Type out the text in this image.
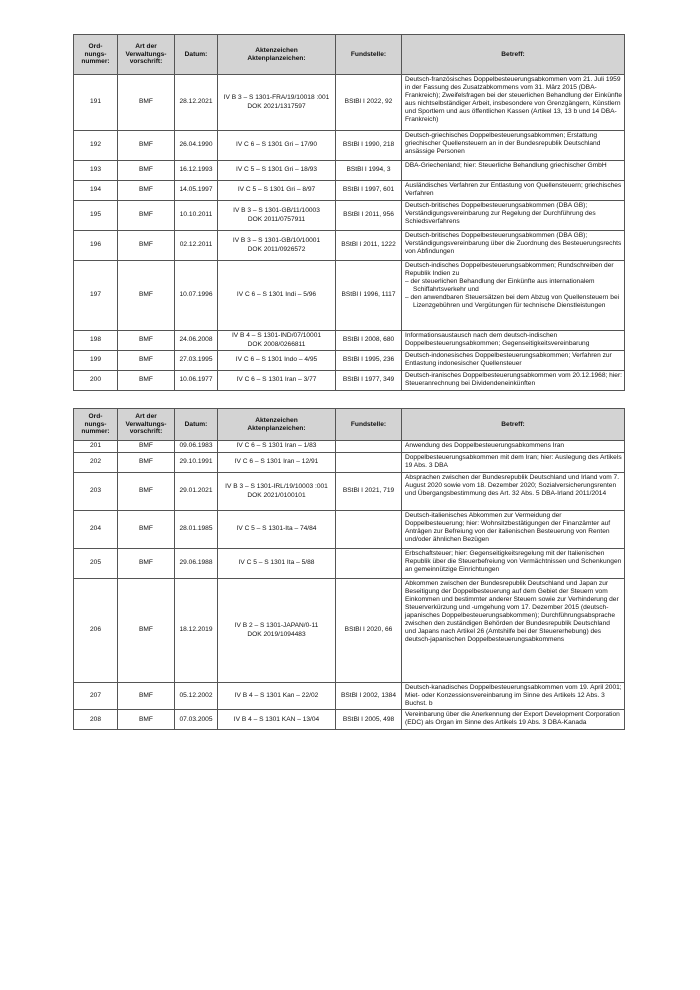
Ord-
nungs-
nummer:	Art der
Verwaltungs-
vorschrift:	Datum:	Aktenzeichen
Aktenplanzeichen:	Fundstelle:	Betreff:
191	BMF	28.12.2021	IV B 3 – S 1301-FRA/19/10018 :001
DOK 2021/1317597	BStBl I 2022, 92	Deutsch-französisches Doppelbesteuerungsabkommen vom 21. Juli 1959 in der Fassung des Zusatzabkommens vom 31. März 2015 (DBA-Frankreich); Zweifelsfragen bei der steuerlichen Behandlung der Einkünfte aus nichtselbständiger Arbeit, insbesondere von Grenzgängern, Künstlern und Sportlern und aus öffentlichen Kassen (Artikel 13, 13 b und 14 DBA-Frankreich)

192	BMF	26.04.1990	IV C 6 – S 1301 Gri – 17/90	BStBl I 1990, 218	Deutsch-griechisches Doppelbesteuerungsabkommen; Erstattung griechischer Quellensteuern an in der Bundesrepublik Deutschland ansässige Personen

193	BMF	16.12.1993	IV C 5 – S 1301 Gri – 18/93	BStBl I 1994, 3	DBA-Griechenland; hier: Steuerliche Behandlung griechischer GmbH

194	BMF	14.05.1997	IV C 5 – S 1301 Gri – 8/97	BStBl I 1997, 601	Ausländisches Verfahren zur Entlastung von Quellensteuern; griechisches Verfahren

195	BMF	10.10.2011	IV B 3 – S 1301-GB/11/10003
DOK 2011/0757911	BStBl I 2011, 956	Deutsch-britisches Doppelbesteuerungsabkommen (DBA GB); Verständigungsvereinbarung zur Regelung der Durchführung des Schiedsverfahrens

196	BMF	02.12.2011	IV B 3 – S 1301-GB/10/10001
DOK 2011/0926572	BStBl I 2011, 1222	Deutsch-britisches Doppelbesteuerungsabkommen (DBA GB); Verständigungsvereinbarung über die Zuordnung des Besteuerungsrechts von Abfindungen

197	BMF	10.07.1996	IV C 6 – S 1301 Indi – 5/96	BStBl I 1996, 1117	Deutsch-indisches Doppelbesteuerungsabkommen; Rundschreiben der Republik Indien zu
– der steuerlichen Behandlung der Einkünfte aus internationalem Schiffahrtsverkehr und
– den anwendbaren Steuersätzen bei dem Abzug von Quellensteuern bei Lizenzgebühren und Vergütungen für technische Dienstleistungen

198	BMF	24.06.2008	IV B 4 – S 1301-IND/07/10001
DOK 2008/0266811	BStBl I 2008, 680	Informationsaustausch nach dem deutsch-indischen Doppelbesteuerungsabkommen; Gegenseitigkeitsvereinbarung

199	BMF	27.03.1995	IV C 6 – S 1301 Indo – 4/95	BStBl I 1995, 236	Deutsch-indonesisches Doppelbesteuerungsabkommen; Verfahren zur Entlastung indonesischer Quellensteuer

200	BMF	10.06.1977	IV C 6 – S 1301 Iran – 3/77	BStBl I 1977, 349	Deutsch-iranisches Doppelbesteuerungsabkommen vom 20.12.1968; hier: Steueranrechnung bei Dividendeneinkünften
Ord-
nungs-
nummer:	Art der
Verwaltungs-
vorschrift:	Datum:	Aktenzeichen
Aktenplanzeichen:	Fundstelle:	Betreff:
201	BMF	09.06.1983	IV C 6 – S 1301 Iran – 1/83		Anwendung des Doppelbesteuerungsabkommens Iran

202	BMF	29.10.1991	IV C 6 – S 1301 Iran – 12/91		Doppelbesteuerungsabkommen mit dem Iran; hier: Auslegung des Artikels 19 Abs. 3 DBA

203	BMF	29.01.2021	IV B 3 – S 1301-IRL/19/10003 :001
DOK 2021/0100101	BStBl I 2021, 719	Absprachen zwischen der Bundesrepublik Deutschland und Irland vom 7. August 2020 sowie vom 18. Dezember 2020; Sozialversicherungsrenten und Übergangsbestimmung des Art. 32 Abs. 5 DBA-Irland 2011/2014

204	BMF	28.01.1985	IV C 5 – S 1301-Ita – 74/84		Deutsch-italienisches Abkommen zur Vermeidung der Doppelbesteuerung; hier: Wohnsitzbestätigungen der Finanzämter auf Anträgen zur Befreiung von der italienischen Besteuerung von Renten und/oder ähnlichen Bezügen

205	BMF	29.06.1988	IV C 5 – S 1301 Ita – 5/88		Erbschaftsteuer; hier: Gegenseitigkeitsregelung mit der Italienischen Republik über die Steuerbefreiung von Vermächtnissen und Schenkungen an gemeinnützige Einrichtungen

206	BMF	18.12.2019	IV B 2 – S 1301-JAPAN/0-11
DOK 2019/1094483	BStBl I 2020, 66	Abkommen zwischen der Bundesrepublik Deutschland und Japan zur Beseitigung der Doppelbesteuerung auf dem Gebiet der Steuern vom Einkommen und bestimmter anderer Steuern sowie zur Verhinderung der Steuerverkürzung und -umgehung vom 17. Dezember 2015 (deutsch-japanisches Doppelbesteuerungsabkommen); Durchführungsabsprache zwischen den zuständigen Behörden der Bundesrepublik Deutschland und Japans nach Artikel 26 (Amtshilfe bei der Steuererhebung) des deutsch-japanischen Doppelbesteuerungsabkommens

207	BMF	05.12.2002	IV B 4 – S 1301 Kan – 22/02	BStBl I 2002, 1384	Deutsch-kanadisches Doppelbesteuerungsabkommen vom 19. April 2001; Miet- oder Konzessionsvereinbarung im Sinne des Artikels 12 Abs. 3 Buchst. b

208	BMF	07.03.2005	IV B 4 – S 1301 KAN – 13/04	BStBl I 2005, 498	Vereinbarung über die Anerkennung der Export Development Corporation (EDC) als Organ im Sinne des Artikels 19 Abs. 3 DBA-Kanada
